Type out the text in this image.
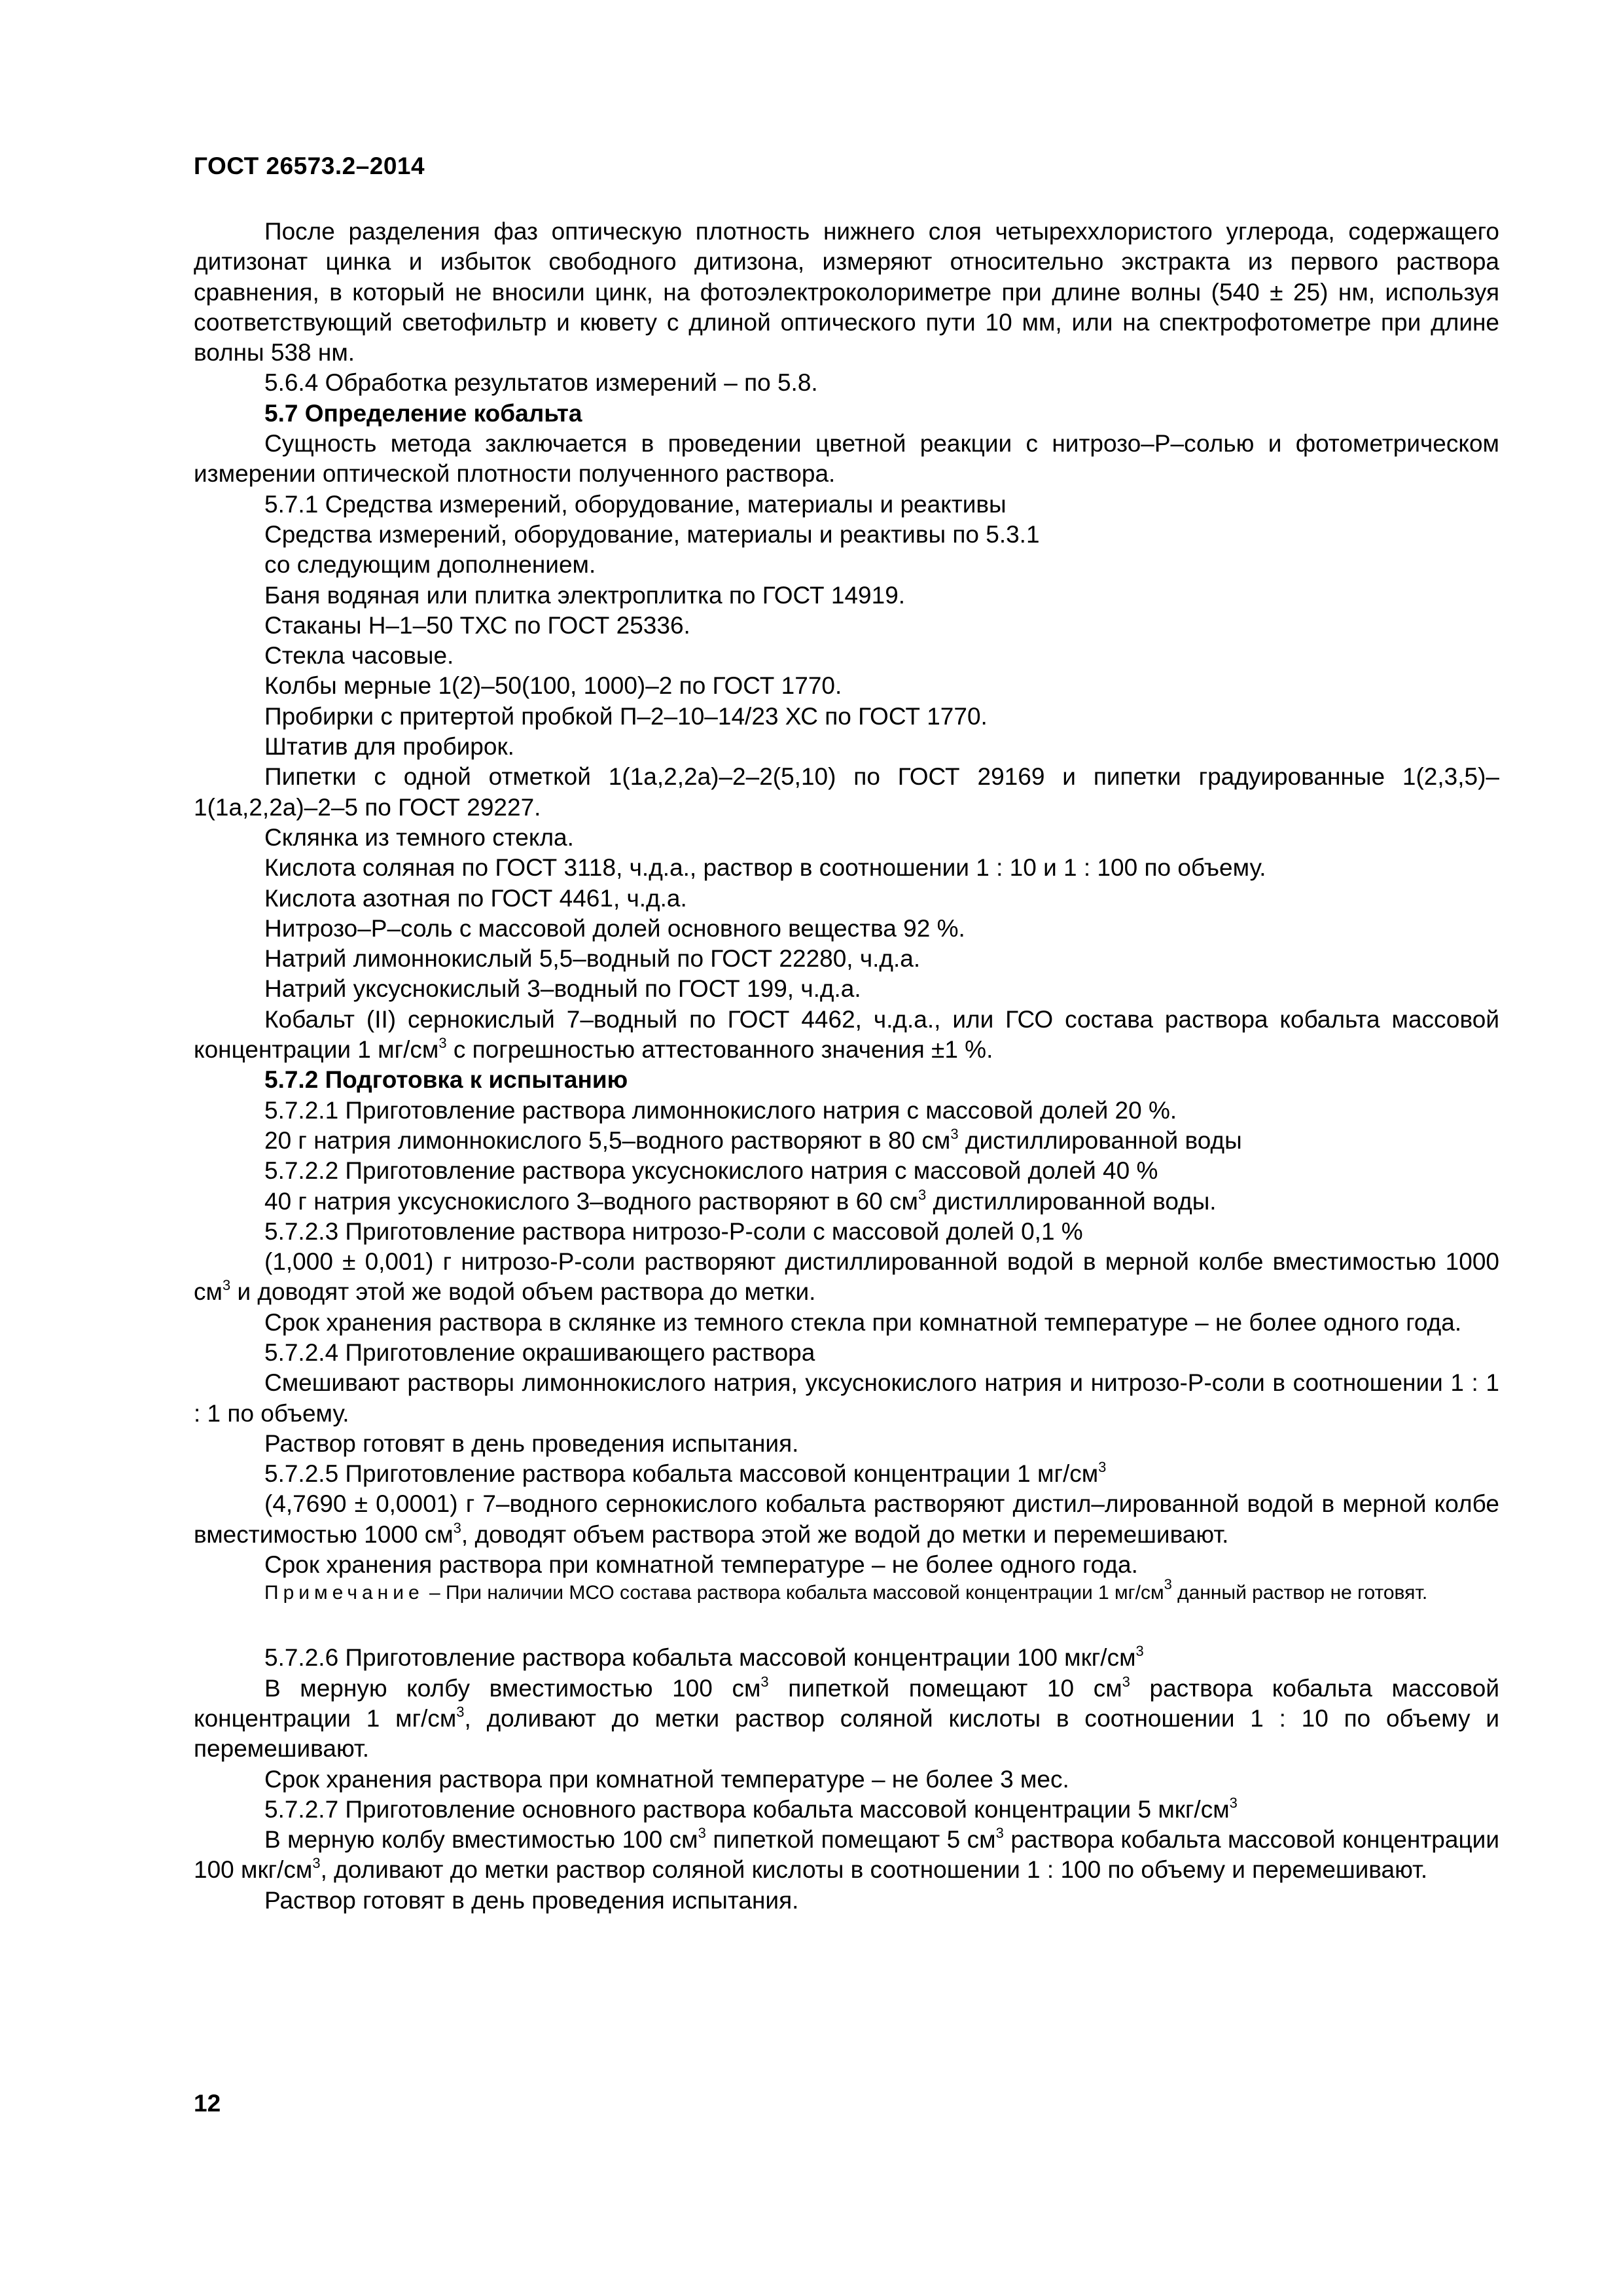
ГОСТ 26573.2–2014

После разделения фаз оптическую плотность нижнего слоя четыреххлористого углерода, содержащего дитизонат цинка и избыток свободного дитизона, измеряют относительно экстракта из первого раствора сравнения, в который не вносили цинк, на фотоэлектроколориметре при длине волны (540 ± 25) нм, используя соответствующий светофильтр и кювету с длиной оптического пути 10 мм, или на спектрофотометре при длине волны 538 нм.

5.6.4 Обработка результатов измерений – по 5.8.

5.7 Определение кобальта

Сущность метода заключается в проведении цветной реакции с нитрозо–Р–солью и фотометрическом измерении оптической плотности полученного раствора.

5.7.1 Средства измерений, оборудование, материалы и реактивы

Средства измерений, оборудование, материалы и реактивы по 5.3.1

со следующим дополнением.

Баня водяная или плитка электроплитка по ГОСТ 14919.

Стаканы Н–1–50 ТХС по ГОСТ 25336.

Стекла часовые.

Колбы мерные 1(2)–50(100, 1000)–2 по ГОСТ 1770.

Пробирки с притертой пробкой П–2–10–14/23 ХС по ГОСТ 1770.

Штатив для пробирок.

Пипетки с одной отметкой 1(1а,2,2а)–2–2(5,10) по ГОСТ 29169 и пипетки градуированные 1(2,3,5)–1(1а,2,2а)–2–5 по ГОСТ 29227.

Склянка из темного стекла.

Кислота соляная по ГОСТ 3118, ч.д.а., раствор в соотношении 1 : 10 и 1 : 100 по объему.

Кислота азотная по ГОСТ 4461, ч.д.а.

Нитрозо–Р–соль с массовой долей основного вещества 92 %.

Натрий лимоннокислый 5,5–водный по ГОСТ 22280, ч.д.а.

Натрий уксуснокислый 3–водный по ГОСТ 199, ч.д.а.

Кобальт (II) сернокислый 7–водный по ГОСТ 4462, ч.д.а., или ГСО состава раствора кобальта массовой концентрации 1 $мг/см^3$ с погрешностью аттестованного значения ±1 %.

5.7.2 Подготовка к испытанию

5.7.2.1 Приготовление раствора лимоннокислого натрия с массовой долей 20 %.

20 г натрия лимоннокислого 5,5–водного растворяют в 80 $см^3$ дистиллированной воды

5.7.2.2 Приготовление раствора уксуснокислого натрия с массовой долей 40 %

40 г натрия уксуснокислого 3–водного растворяют в 60 $см^3$ дистиллированной воды.

5.7.2.3 Приготовление раствора нитрозо-Р-соли с массовой долей 0,1 %

(1,000 ± 0,001) г нитрозо-Р-соли растворяют дистиллированной водой в мерной колбе вместимостью 1000 $см^3$ и доводят этой же водой объем раствора до метки.

Срок хранения раствора в склянке из темного стекла при комнатной температуре – не более одного года.

5.7.2.4 Приготовление окрашивающего раствора

Смешивают растворы лимоннокислого натрия, уксуснокислого натрия и нитрозо-Р-соли в соотношении 1 : 1 : 1 по объему.

Раствор готовят в день проведения испытания.

5.7.2.5 Приготовление раствора кобальта массовой концентрации 1 $мг/см^3$

(4,7690 ± 0,0001) г 7–водного сернокислого кобальта растворяют дистил–лированной водой в мерной колбе вместимостью 1000 $см^3$, доводят объем раствора этой же водой до метки и перемешивают.

Срок хранения раствора при комнатной температуре – не более одного года.

Примечание – При наличии МСО состава раствора кобальта массовой концентрации 1 $мг/см^3$ данный раствор не готовят.

5.7.2.6 Приготовление раствора кобальта массовой концентрации 100 мкг/$см^3$

В мерную колбу вместимостью 100 $см^3$ пипеткой помещают 10 $см^3$ раствора кобальта массовой концентрации 1 $мг/см^3$, доливают до метки раствор соляной кислоты в соотношении 1 : 10 по объему и перемешивают.

Срок хранения раствора при комнатной температуре – не более 3 мес.

5.7.2.7 Приготовление основного раствора кобальта массовой концентрации 5 мкг/$см^3$

В мерную колбу вместимостью 100 $см^3$ пипеткой помещают 5 $см^3$ раствора кобальта массовой концентрации 100 мкг/$см^3$, доливают до метки раствор соляной кислоты в соотношении 1 : 100 по объему и перемешивают.

Раствор готовят в день проведения испытания.

12
